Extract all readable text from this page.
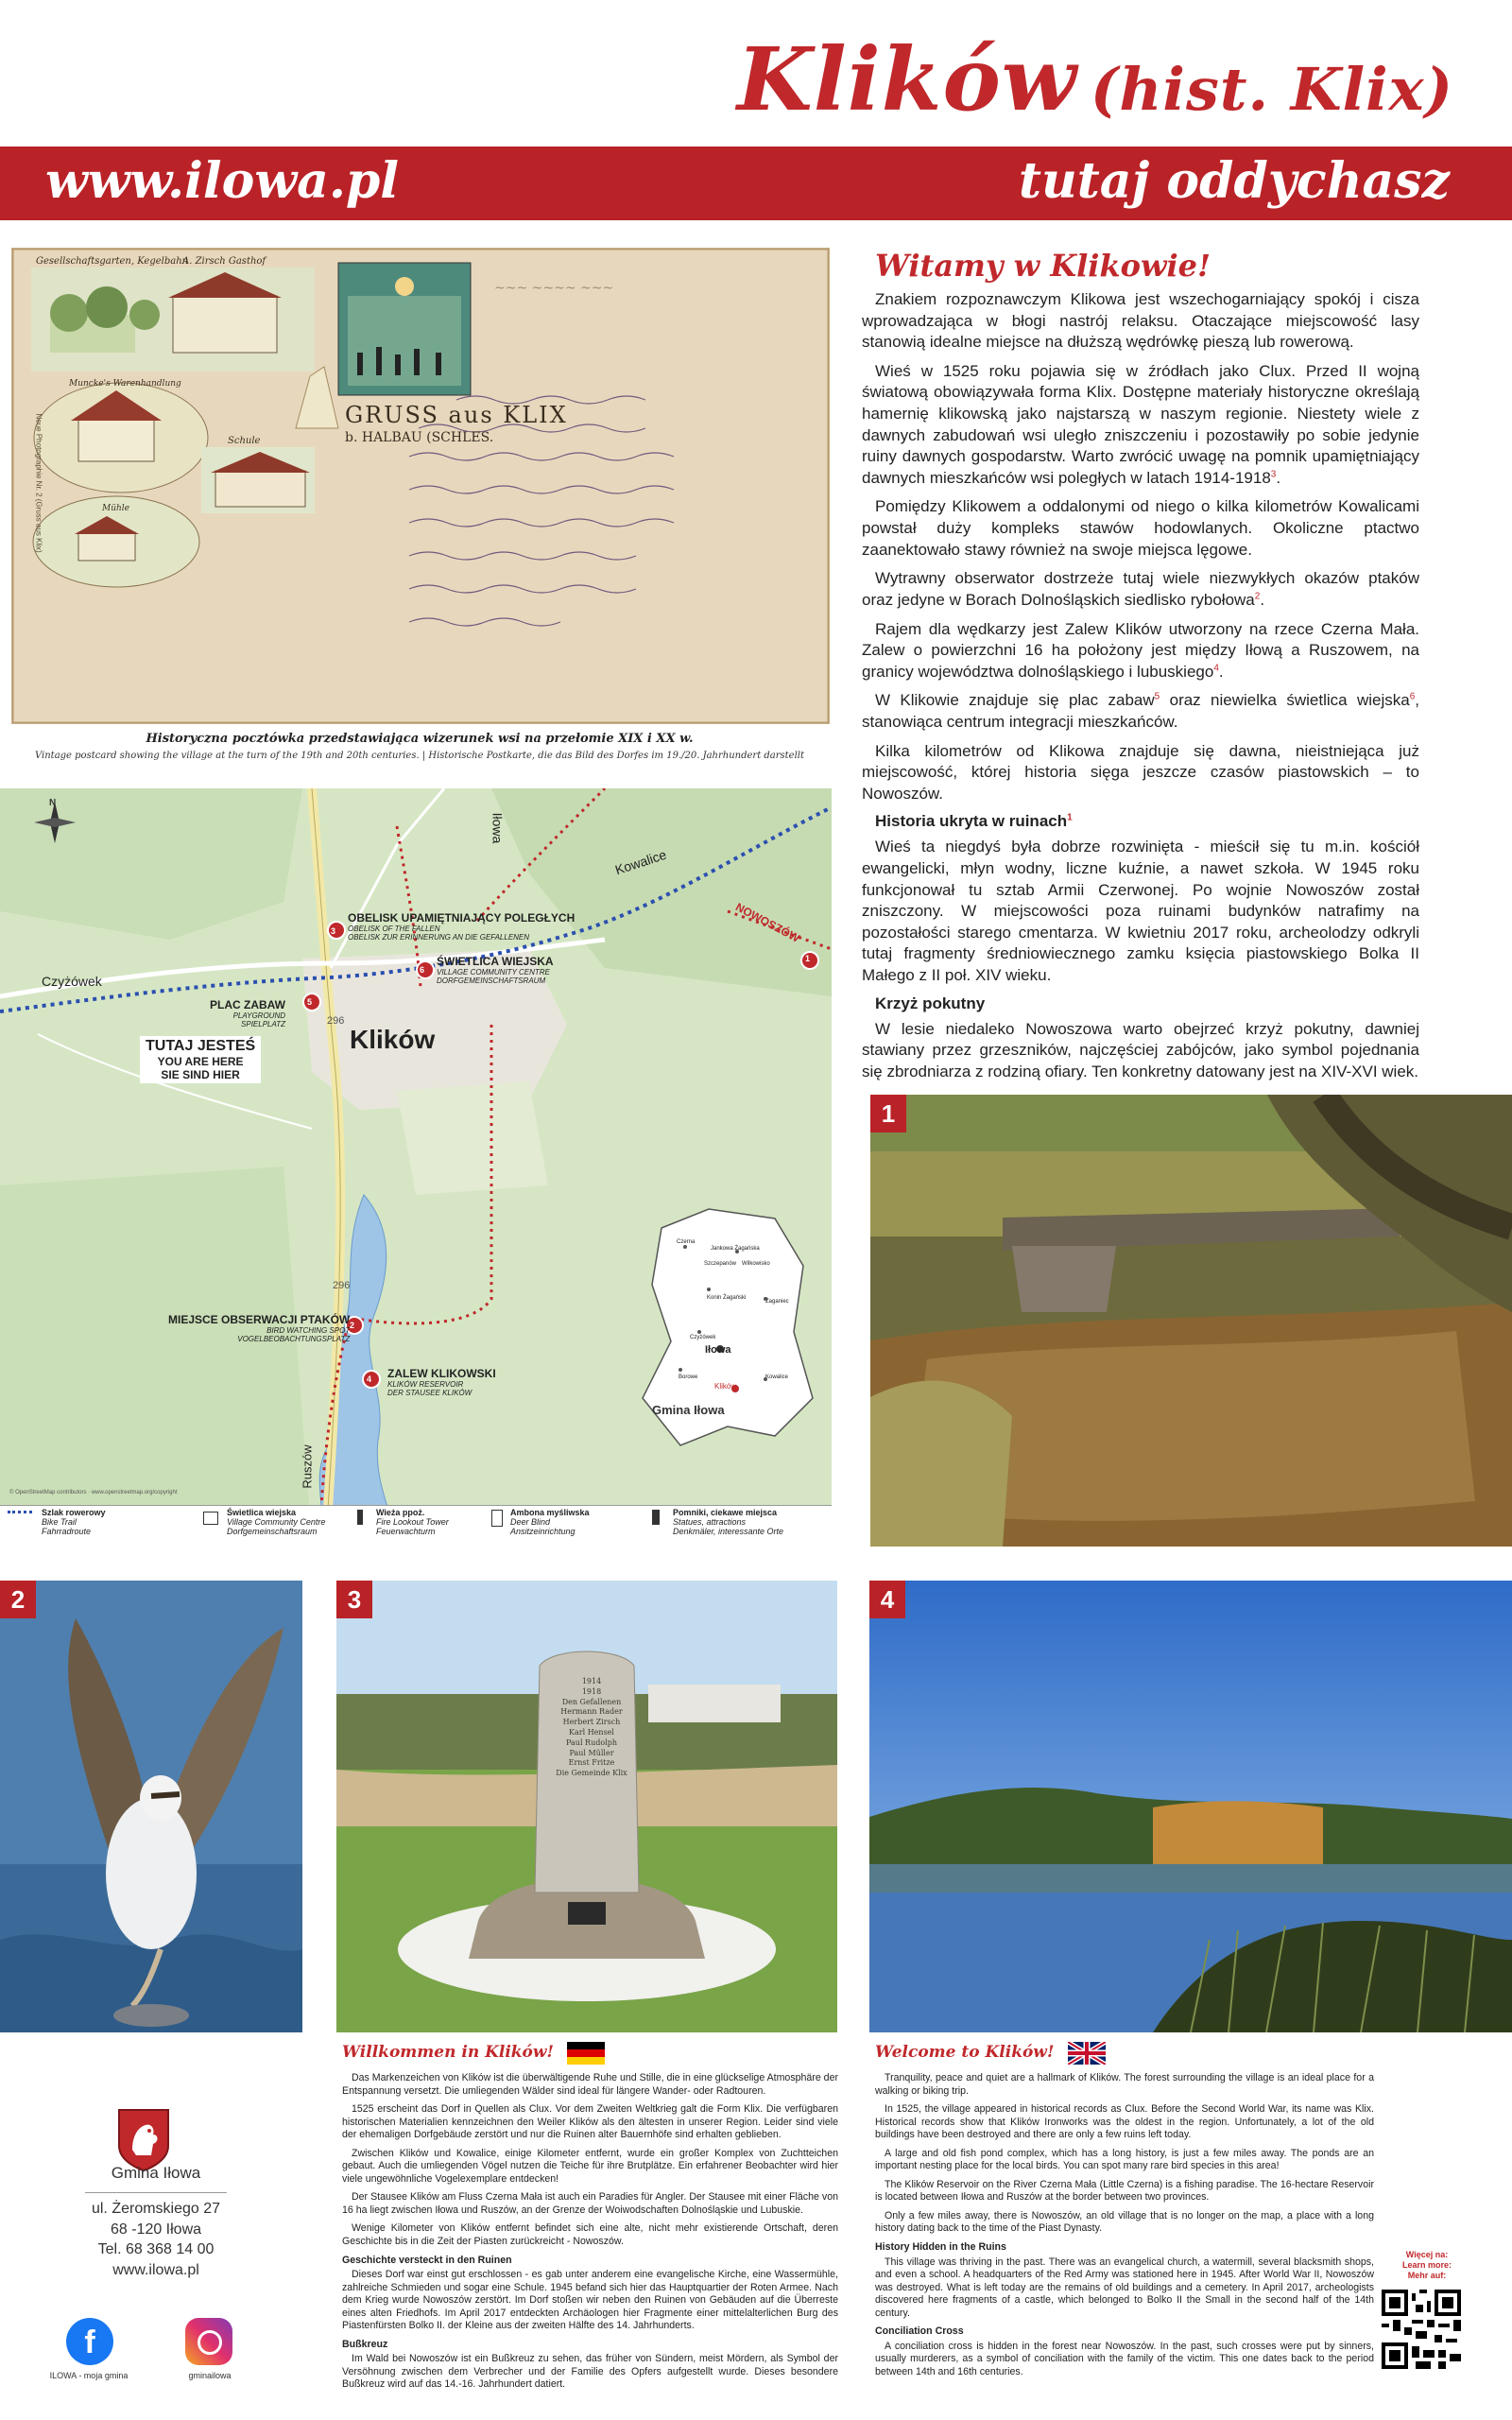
Klików (hist. Klix)
www.ilowa.pl	tutaj oddychasz
~~~ ~~~~ ~~~
Gesellschaftsgarten, Kegelbahn
A. Zirsch Gasthof
Muncke's Warenhandlung
Schule
Mühle
GRUSS aus KLIX
b. HALBAU (SCHLES.
Neue Photographie Nr. 2 (Gruss aus Klix)
Historyczna pocztówka przedstawiająca wizerunek wsi na przełomie XIX i XX w.
Vintage postcard showing the village at the turn of the 19th and 20th centuries. | Historische Postkarte, die das Bild des Dorfes im 19./20. Jahrhundert darstellt
Czyżówek
Iłowa
Kowalice
NOWOSZÓW
1
Ruszów
296
296
N
Klików
OBELISK UPAMIĘTNIAJĄCY POLEGŁYCH
OBELISK OF THE FALLEN
OBELISK ZUR ERINNERUNG AN DIE GEFALLENEN
3
ŚWIETLICA WIEJSKA
VILLAGE COMMUNITY CENTRE
DORFGEMEINSCHAFTSRAUM
6
PLAC ZABAW
PLAYGROUND
SPIELPLATZ
5
TUTAJ JESTEŚ
YOU ARE HERE
SIE SIND HIER
MIEJSCE OBSERWACJI PTAKÓW
BIRD WATCHING SPOT
VOGELBEOBACHTUNGSPLATZ
2
ZALEW KLIKOWSKI
KLIKÓW RESERVOIR
DER STAUSEE KLIKÓW
4
Iłowa
Klików
Gmina Iłowa
Czerna
Jankowa Żagańska
Szczepanów Wilkowisko
Żaganiec
Konin Żagański
Czyżówek
Borowe	Kowalice
© OpenStreetMap contributors · www.openstreetmap.org/copyright
Szlak rowerowy
Bike Trail
Fahrradroute
Świetlica wiejska
Village Community Centre
Dorfgemeinschaftsraum
Wieża ppoż.
Fire Lookout Tower
Feuerwachturm
Ambona myśliwska
Deer Blind
Ansitzeinrichtung
Pomniki, ciekawe miejsca
Statues, attractions
Denkmäler, interessante Orte
Witamy w Klikowie!

Znakiem rozpoznawczym Klikowa jest wszechogarniający spokój i cisza wprowadzająca w błogi nastrój relaksu. Otaczające miejscowość lasy stanowią idealne miejsce na dłuższą wędrówkę pieszą lub rowerową.

Wieś w 1525 roku pojawia się w źródłach jako Clux. Przed II wojną światową obowiązywała forma Klix. Dostępne materiały historyczne określają hamernię klikowską jako najstarszą w naszym regionie. Niestety wiele z dawnych zabudowań wsi uległo zniszczeniu i pozostawiły po sobie jedynie ruiny dawnych gospodarstw. Warto zwrócić uwagę na pomnik upamiętniający dawnych mieszkańców wsi poległych w latach 1914-1918$^3$.

Pomiędzy Klikowem a oddalonymi od niego o kilka kilometrów Kowalicami powstał duży kompleks stawów hodowlanych. Okoliczne ptactwo zaanektowało stawy również na swoje miejsca lęgowe.

Wytrawny obserwator dostrzeże tutaj wiele niezwykłych okazów ptaków oraz jedyne w Borach Dolnośląskich siedlisko rybołowa$^2$.

Rajem dla wędkarzy jest Zalew Klików utworzony na rzece Czerna Mała. Zalew o powierzchni 16 ha położony jest między Iłową a Ruszowem, na granicy województwa dolnośląskiego i lubuskiego$^4$.

W Klikowie znajduje się plac zabaw$^5$ oraz niewielka świetlica wiejska$^6$, stanowiąca centrum integracji mieszkańców.

Kilka kilometrów od Klikowa znajduje się dawna, nieistniejąca już miejscowość, której historia sięga jeszcze czasów piastowskich – to Nowoszów.

Historia ukryta w ruinach$^1$

Wieś ta niegdyś była dobrze rozwinięta - mieścił się tu m.in. kościół ewangelicki, młyn wodny, liczne kuźnie, a nawet szkoła. W 1945 roku funkcjonował tu sztab Armii Czerwonej. Po wojnie Nowoszów został zniszczony. W miejscowości poza ruinami budynków natrafimy na pozostałości starego cmentarza. W kwietniu 2017 roku, archeolodzy odkryli tutaj fragmenty średniowiecznego zamku księcia piastowskiego Bolka II Małego z II poł. XIV wieku.

Krzyż pokutny

W lesie niedaleko Nowoszowa warto obejrzeć krzyż pokutny, dawniej stawiany przez grzeszników, najczęściej zabójców, jako symbol pojednania się zbrodniarza z rodziną ofiary. Ten konkretny datowany jest na XIV-XVI wiek.

1
2
1914
1918
Den Gefallenen
Hermann Rader
Herbert Zirsch
Karl Hensel
Paul Rudolph
Paul Müller
Ernst Fritze
Die Gemeinde Klix
3	4
Gmina Iłowa
ul. Żeromskiego 27
68 -120 Iłowa
Tel. 68 368 14 00
www.ilowa.pl
f
ILOWA - moja gmina	gminailowa
Willkommen in Klików!

Das Markenzeichen von Klików ist die überwältigende Ruhe und Stille, die in eine glückselige Atmosphäre der Entspannung versetzt. Die umliegenden Wälder sind ideal für längere Wander- oder Radtouren.

1525 erscheint das Dorf in Quellen als Clux. Vor dem Zweiten Weltkrieg galt die Form Klix. Die verfügbaren historischen Materialien kennzeichnen den Weiler Klików als den ältesten in unserer Region. Leider sind viele der ehemaligen Dorfgebäude zerstört und nur die Ruinen alter Bauernhöfe sind erhalten geblieben.

Zwischen Klików und Kowalice, einige Kilometer entfernt, wurde ein großer Komplex von Zuchtteichen gebaut. Auch die umliegenden Vögel nutzen die Teiche für ihre Brutplätze. Ein erfahrener Beobachter wird hier viele ungewöhnliche Vogelexemplare entdecken!

Der Stausee Klików am Fluss Czerna Mała ist auch ein Paradies für Angler. Der Stausee mit einer Fläche von 16 ha liegt zwischen Iłowa und Ruszów, an der Grenze der Woiwodschaften Dolnośląskie und Lubuskie.

Wenige Kilometer von Klików entfernt befindet sich eine alte, nicht mehr existierende Ortschaft, deren Geschichte bis in die Zeit der Piasten zurückreicht - Nowoszów.

Geschichte versteckt in den Ruinen

Dieses Dorf war einst gut erschlossen - es gab unter anderem eine evangelische Kirche, eine Wassermühle, zahlreiche Schmieden und sogar eine Schule. 1945 befand sich hier das Hauptquartier der Roten Armee. Nach dem Krieg wurde Nowoszów zerstört. Im Dorf stoßen wir neben den Ruinen von Gebäuden auf die Überreste eines alten Friedhofs. Im April 2017 entdeckten Archäologen hier Fragmente einer mittelalterlichen Burg des Piastenfürsten Bolko II. der Kleine aus der zweiten Hälfte des 14. Jahrhunderts.

Bußkreuz

Im Wald bei Nowoszów ist ein Bußkreuz zu sehen, das früher von Sündern, meist Mördern, als Symbol der Versöhnung zwischen dem Verbrecher und der Familie des Opfers aufgestellt wurde. Dieses besondere Bußkreuz wird auf das 14.-16. Jahrhundert datiert.

Welcome to Klików!

Tranquility, peace and quiet are a hallmark of Klików. The forest surrounding the village is an ideal place for a walking or biking trip.

In 1525, the village appeared in historical records as Clux. Before the Second World War, its name was Klix. Historical records show that Klików Ironworks was the oldest in the region. Unfortunately, a lot of the old buildings have been destroyed and there are only a few ruins left today.

A large and old fish pond complex, which has a long history, is just a few miles away. The ponds are an important nesting place for the local birds. You can spot many rare bird species in this area!

The Klików Reservoir on the River Czerna Mała (Little Czerna) is a fishing paradise. The 16-hectare Reservoir is located between Iłowa and Ruszów at the border between two provinces.

Only a few miles away, there is Nowoszów, an old village that is no longer on the map, a place with a long history dating back to the time of the Piast Dynasty.

History Hidden in the Ruins

This village was thriving in the past. There was an evangelical church, a watermill, several blacksmith shops, and even a school. A headquarters of the Red Army was stationed here in 1945. After World War II, Nowoszów was destroyed. What is left today are the remains of old buildings and a cemetery. In April 2017, archeologists discovered here fragments of a castle, which belonged to Bolko II the Small in the second half of the 14th century.

Conciliation Cross

A conciliation cross is hidden in the forest near Nowoszów. In the past, such crosses were put by sinners, usually murderers, as a symbol of conciliation with the family of the victim. This one dates back to the period between 14th and 16th centuries.

Więcej na: Learn more: Mehr auf:
